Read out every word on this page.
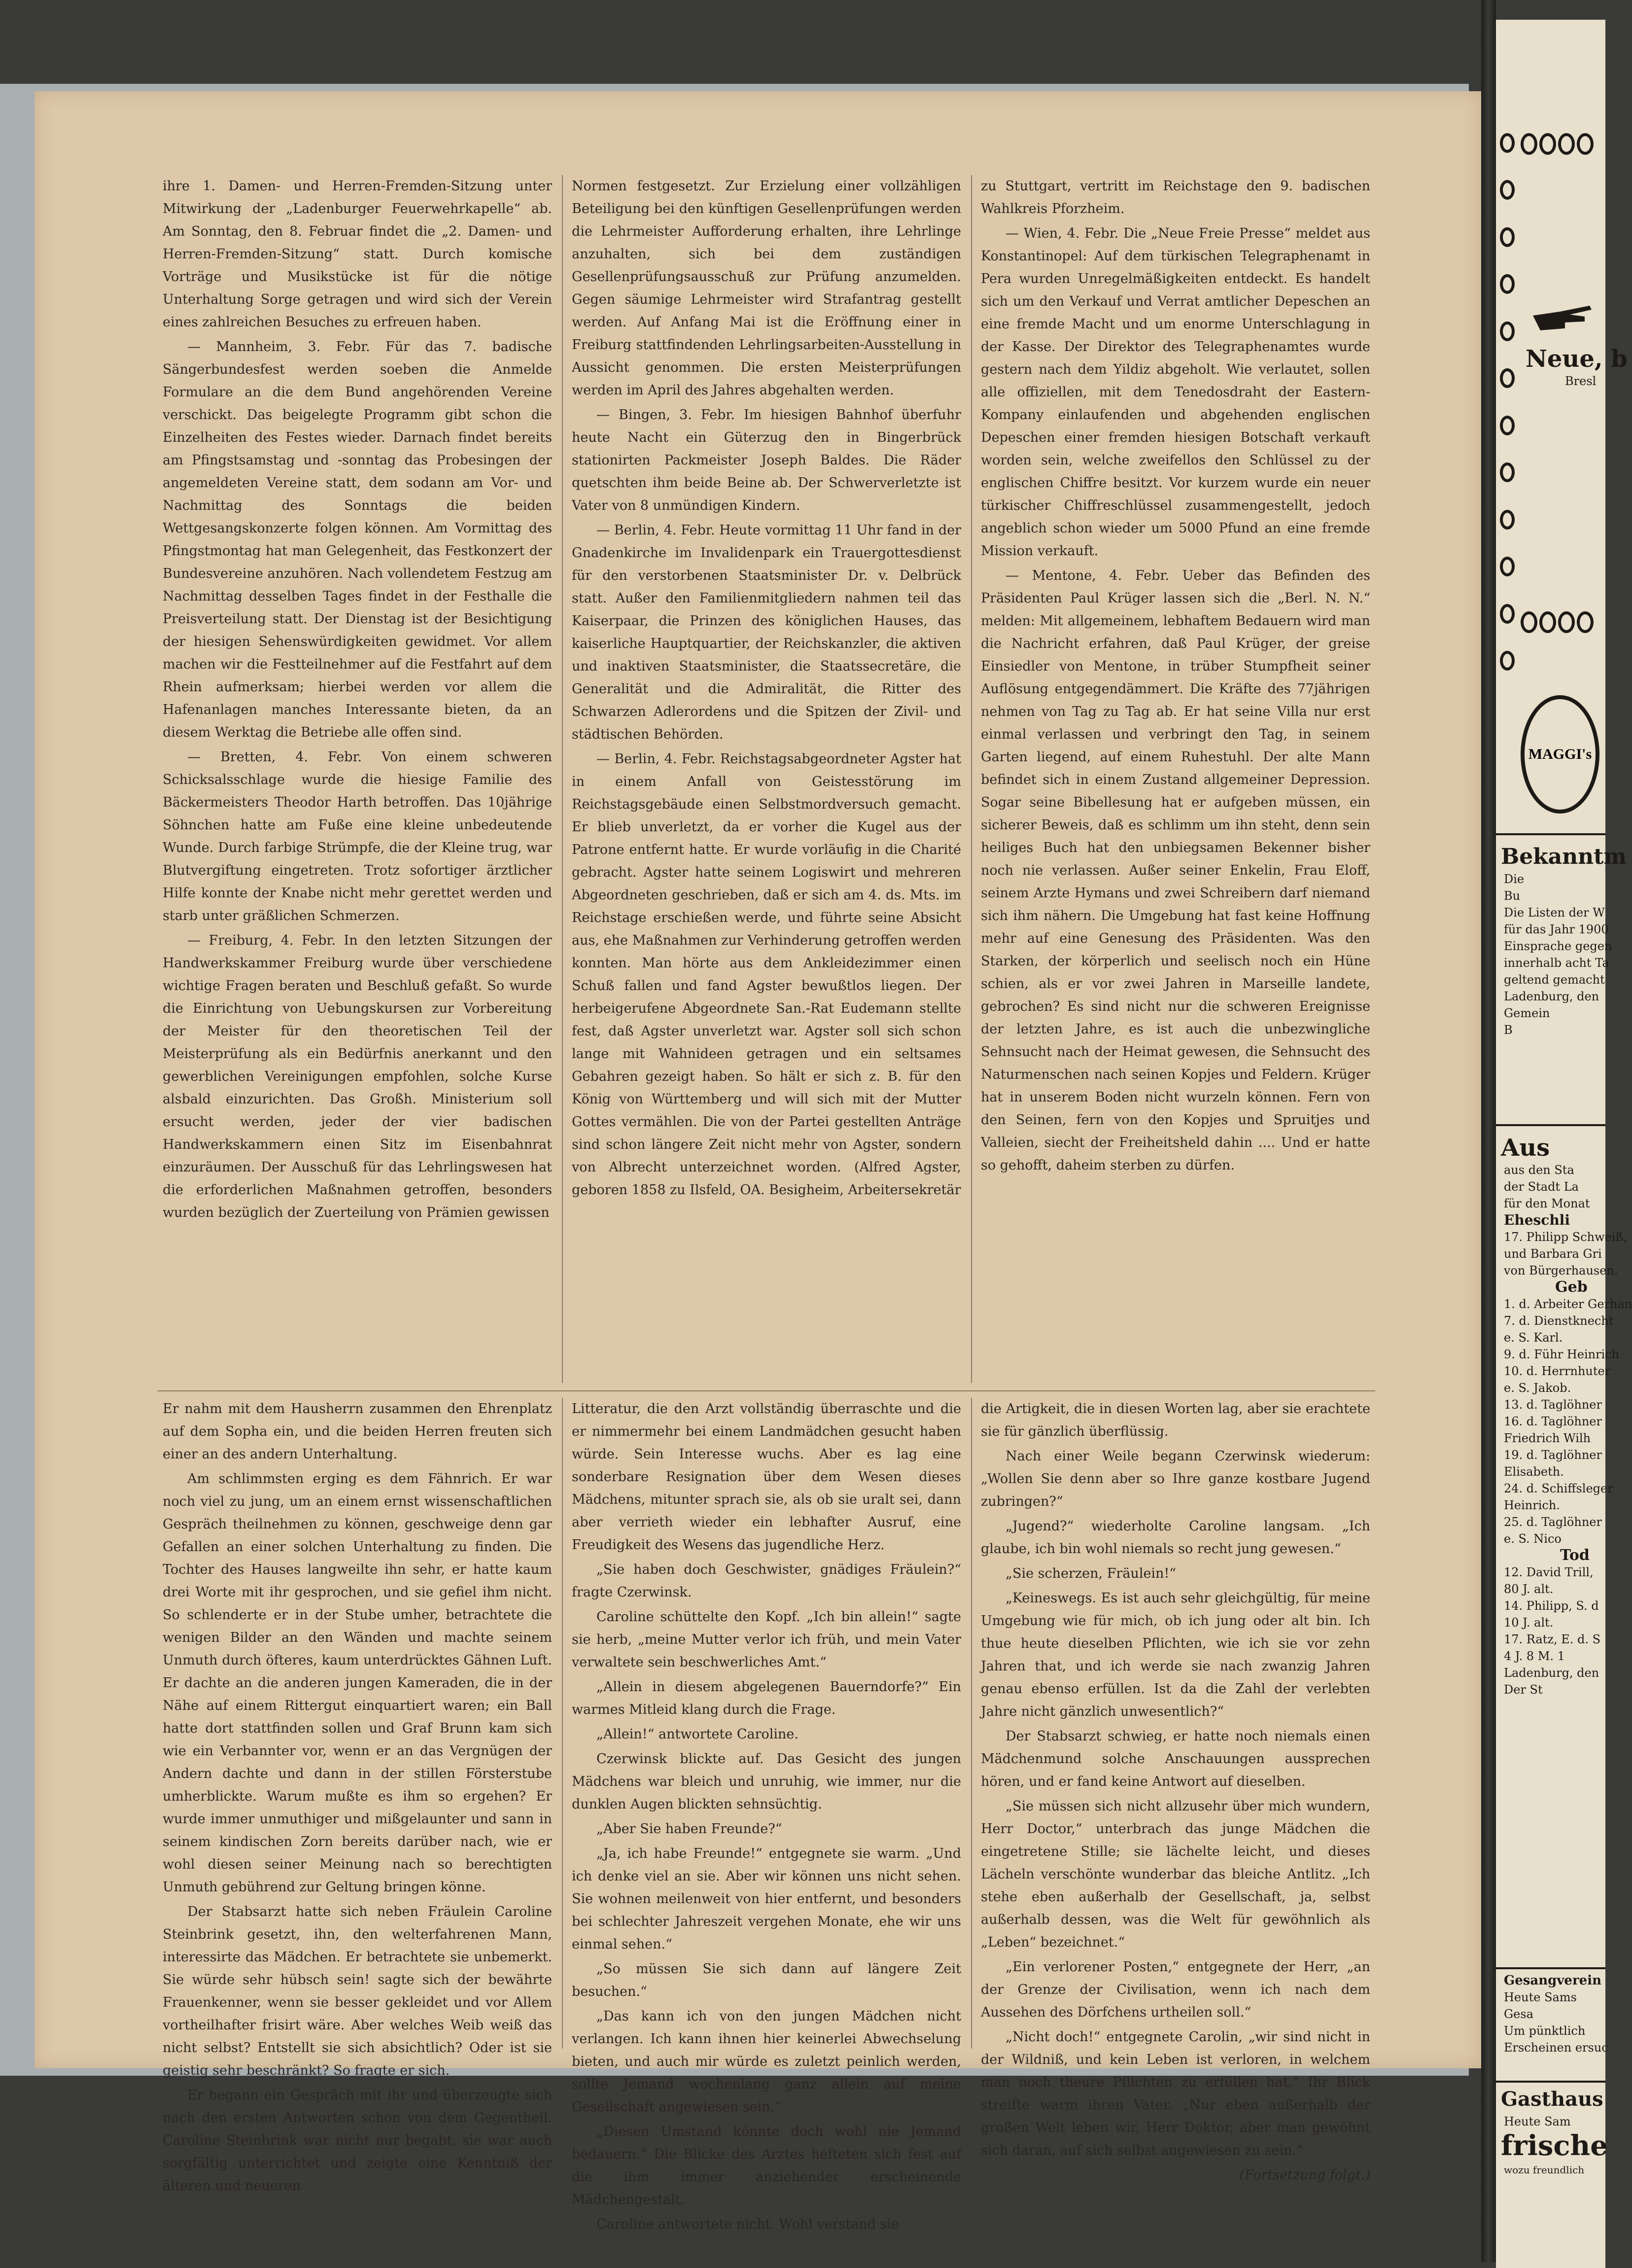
ihre 1. Damen- und Herren-Fremden-Sitzung unter Mitwirkung der „Ladenburger Feuerwehrkapelle“ ab. Am Sonntag, den 8. Februar findet die „2. Damen- und Herren-Fremden-Sitzung“ statt. Durch komische Vorträge und Musikstücke ist für die nötige Unterhaltung Sorge getragen und wird sich der Verein eines zahlreichen Besuches zu erfreuen haben.

— Mannheim, 3. Febr. Für das 7. badische Sängerbundesfest werden soeben die Anmelde Formulare an die dem Bund angehörenden Vereine verschickt. Das beigelegte Programm gibt schon die Einzelheiten des Festes wieder. Darnach findet bereits am Pfingstsamstag und -sonntag das Probesingen der angemeldeten Vereine statt, dem sodann am Vor- und Nachmittag des Sonntags die beiden Wettgesangskonzerte folgen können. Am Vormittag des Pfingstmontag hat man Gelegenheit, das Festkonzert der Bundesvereine anzuhören. Nach vollendetem Festzug am Nachmittag desselben Tages findet in der Festhalle die Preisverteilung statt. Der Dienstag ist der Besichtigung der hiesigen Sehenswürdigkeiten gewidmet. Vor allem machen wir die Festteilnehmer auf die Festfahrt auf dem Rhein aufmerksam; hierbei werden vor allem die Hafenanlagen manches Interessante bieten, da an diesem Werktag die Betriebe alle offen sind.

— Bretten, 4. Febr. Von einem schweren Schicksalsschlage wurde die hiesige Familie des Bäckermeisters Theodor Harth betroffen. Das 10jährige Söhnchen hatte am Fuße eine kleine unbedeutende Wunde. Durch farbige Strümpfe, die der Kleine trug, war Blutvergiftung eingetreten. Trotz sofortiger ärztlicher Hilfe konnte der Knabe nicht mehr gerettet werden und starb unter gräßlichen Schmerzen.

— Freiburg, 4. Febr. In den letzten Sitzungen der Handwerkskammer Freiburg wurde über verschiedene wichtige Fragen beraten und Beschluß gefaßt. So wurde die Einrichtung von Uebungskursen zur Vorbereitung der Meister für den theoretischen Teil der Meisterprüfung als ein Bedürfnis anerkannt und den gewerblichen Vereinigungen empfohlen, solche Kurse alsbald einzurichten. Das Großh. Ministerium soll ersucht werden, jeder der vier badischen Handwerkskammern einen Sitz im Eisenbahnrat einzuräumen. Der Ausschuß für das Lehrlingswesen hat die erforderlichen Maßnahmen getroffen, besonders wurden bezüglich der Zuerteilung von Prämien gewissen

Normen festgesetzt. Zur Erzielung einer vollzähligen Beteiligung bei den künftigen Gesellenprüfungen werden die Lehrmeister Aufforderung erhalten, ihre Lehrlinge anzuhalten, sich bei dem zuständigen Gesellenprüfungsausschuß zur Prüfung anzumelden. Gegen säumige Lehrmeister wird Strafantrag gestellt werden. Auf Anfang Mai ist die Eröffnung einer in Freiburg stattfindenden Lehrlingsarbeiten-Ausstellung in Aussicht genommen. Die ersten Meisterprüfungen werden im April des Jahres abgehalten werden.

— Bingen, 3. Febr. Im hiesigen Bahnhof überfuhr heute Nacht ein Güterzug den in Bingerbrück stationirten Packmeister Joseph Baldes. Die Räder quetschten ihm beide Beine ab. Der Schwerverletzte ist Vater von 8 unmündigen Kindern.

— Berlin, 4. Febr. Heute vormittag 11 Uhr fand in der Gnadenkirche im Invalidenpark ein Trauergottesdienst für den verstorbenen Staatsminister Dr. v. Delbrück statt. Außer den Familienmitgliedern nahmen teil das Kaiserpaar, die Prinzen des königlichen Hauses, das kaiserliche Hauptquartier, der Reichskanzler, die aktiven und inaktiven Staatsminister, die Staatssecretäre, die Generalität und die Admiralität, die Ritter des Schwarzen Adlerordens und die Spitzen der Zivil- und städtischen Behörden.

— Berlin, 4. Febr. Reichstagsabgeordneter Agster hat in einem Anfall von Geistesstörung im Reichstagsgebäude einen Selbstmordversuch gemacht. Er blieb unverletzt, da er vorher die Kugel aus der Patrone entfernt hatte. Er wurde vorläufig in die Charité gebracht. Agster hatte seinem Logiswirt und mehreren Abgeordneten geschrieben, daß er sich am 4. ds. Mts. im Reichstage erschießen werde, und führte seine Absicht aus, ehe Maßnahmen zur Verhinderung getroffen werden konnten. Man hörte aus dem Ankleidezimmer einen Schuß fallen und fand Agster bewußtlos liegen. Der herbeigerufene Abgeordnete San.-Rat Eudemann stellte fest, daß Agster unverletzt war. Agster soll sich schon lange mit Wahnideen getragen und ein seltsames Gebahren gezeigt haben. So hält er sich z. B. für den König von Württemberg und will sich mit der Mutter Gottes vermählen. Die von der Partei gestellten Anträge sind schon längere Zeit nicht mehr von Agster, sondern von Albrecht unterzeichnet worden. (Alfred Agster, geboren 1858 zu Ilsfeld, OA. Besigheim, Arbeitersekretär

zu Stuttgart, vertritt im Reichstage den 9. badischen Wahlkreis Pforzheim.

— Wien, 4. Febr. Die „Neue Freie Presse“ meldet aus Konstantinopel: Auf dem türkischen Telegraphenamt in Pera wurden Unregelmäßigkeiten entdeckt. Es handelt sich um den Verkauf und Verrat amtlicher Depeschen an eine fremde Macht und um enorme Unterschlagung in der Kasse. Der Direktor des Telegraphenamtes wurde gestern nach dem Yildiz abgeholt. Wie verlautet, sollen alle offiziellen, mit dem Tenedosdraht der Eastern-Kompany einlaufenden und abgehenden englischen Depeschen einer fremden hiesigen Botschaft verkauft worden sein, welche zweifellos den Schlüssel zu der englischen Chiffre besitzt. Vor kurzem wurde ein neuer türkischer Chiffreschlüssel zusammengestellt, jedoch angeblich schon wieder um 5000 Pfund an eine fremde Mission verkauft.

— Mentone, 4. Febr. Ueber das Befinden des Präsidenten Paul Krüger lassen sich die „Berl. N. N.“ melden: Mit allgemeinem, lebhaftem Bedauern wird man die Nachricht erfahren, daß Paul Krüger, der greise Einsiedler von Mentone, in trüber Stumpfheit seiner Auflösung entgegendämmert. Die Kräfte des 77jährigen nehmen von Tag zu Tag ab. Er hat seine Villa nur erst einmal verlassen und verbringt den Tag, in seinem Garten liegend, auf einem Ruhestuhl. Der alte Mann befindet sich in einem Zustand allgemeiner Depression. Sogar seine Bibellesung hat er aufgeben müssen, ein sicherer Beweis, daß es schlimm um ihn steht, denn sein heiliges Buch hat den unbiegsamen Bekenner bisher noch nie verlassen. Außer seiner Enkelin, Frau Eloff, seinem Arzte Hymans und zwei Schreibern darf niemand sich ihm nähern. Die Umgebung hat fast keine Hoffnung mehr auf eine Genesung des Präsidenten. Was den Starken, der körperlich und seelisch noch ein Hüne schien, als er vor zwei Jahren in Marseille landete, gebrochen? Es sind nicht nur die schweren Ereignisse der letzten Jahre, es ist auch die unbezwingliche Sehnsucht nach der Heimat gewesen, die Sehnsucht des Naturmenschen nach seinen Kopjes und Feldern. Krüger hat in unserem Boden nicht wurzeln können. Fern von den Seinen, fern von den Kopjes und Spruitjes und Valleien, siecht der Freiheitsheld dahin .... Und er hatte so gehofft, daheim sterben zu dürfen.

Er nahm mit dem Hausherrn zusammen den Ehrenplatz auf dem Sopha ein, und die beiden Herren freuten sich einer an des andern Unterhaltung.

Am schlimmsten erging es dem Fähnrich. Er war noch viel zu jung, um an einem ernst wissenschaftlichen Gespräch theilnehmen zu können, geschweige denn gar Gefallen an einer solchen Unterhaltung zu finden. Die Tochter des Hauses langweilte ihn sehr, er hatte kaum drei Worte mit ihr gesprochen, und sie gefiel ihm nicht. So schlenderte er in der Stube umher, betrachtete die wenigen Bilder an den Wänden und machte seinem Unmuth durch öfteres, kaum unterdrücktes Gähnen Luft. Er dachte an die anderen jungen Kameraden, die in der Nähe auf einem Rittergut einquartiert waren; ein Ball hatte dort stattfinden sollen und Graf Brunn kam sich wie ein Verbannter vor, wenn er an das Vergnügen der Andern dachte und dann in der stillen Försterstube umherblickte. Warum mußte es ihm so ergehen? Er wurde immer unmuthiger und mißgelaunter und sann in seinem kindischen Zorn bereits darüber nach, wie er wohl diesen seiner Meinung nach so berechtigten Unmuth gebührend zur Geltung bringen könne.

Der Stabsarzt hatte sich neben Fräulein Caroline Steinbrink gesetzt, ihn, den welterfahrenen Mann, interessirte das Mädchen. Er betrachtete sie unbemerkt. Sie würde sehr hübsch sein! sagte sich der bewährte Frauenkenner, wenn sie besser gekleidet und vor Allem vortheilhafter frisirt wäre. Aber welches Weib weiß das nicht selbst? Entstellt sie sich absichtlich? Oder ist sie geistig sehr beschränkt? So fragte er sich.

Er begann ein Gespräch mit ihr und überzeugte sich nach den ersten Antworten schon von dem Gegentheil. Caroline Steinbrink war nicht nur begabt, sie war auch sorgfältig unterrichtet und zeigte eine Kenntniß der älteren und neueren

Litteratur, die den Arzt vollständig überraschte und die er nimmermehr bei einem Landmädchen gesucht haben würde. Sein Interesse wuchs. Aber es lag eine sonderbare Resignation über dem Wesen dieses Mädchens, mitunter sprach sie, als ob sie uralt sei, dann aber verrieth wieder ein lebhafter Ausruf, eine Freudigkeit des Wesens das jugendliche Herz.

„Sie haben doch Geschwister, gnädiges Fräulein?“ fragte Czerwinsk.

Caroline schüttelte den Kopf. „Ich bin allein!“ sagte sie herb, „meine Mutter verlor ich früh, und mein Vater verwaltete sein beschwerliches Amt.“

„Allein in diesem abgelegenen Bauerndorfe?“ Ein warmes Mitleid klang durch die Frage.

„Allein!“ antwortete Caroline.

Czerwinsk blickte auf. Das Gesicht des jungen Mädchens war bleich und unruhig, wie immer, nur die dunklen Augen blickten sehnsüchtig.

„Aber Sie haben Freunde?“

„Ja, ich habe Freunde!“ entgegnete sie warm. „Und ich denke viel an sie. Aber wir können uns nicht sehen. Sie wohnen meilenweit von hier entfernt, und besonders bei schlechter Jahreszeit vergehen Monate, ehe wir uns einmal sehen.“

„So müssen Sie sich dann auf längere Zeit besuchen.“

„Das kann ich von den jungen Mädchen nicht verlangen. Ich kann ihnen hier keinerlei Abwechselung bieten, und auch mir würde es zuletzt peinlich werden, sollte Jemand wochenlang ganz allein auf meine Gesellschaft angewiesen sein.“

„Diesen Umstand könnte doch wohl nie Jemand bedauern.“ Die Blicke des Arztes hefteten sich fest auf die ihm immer anziehender erscheinende Mädchengestalt.

Caroline antwortete nicht. Wohl verstand sie

die Artigkeit, die in diesen Worten lag, aber sie erachtete sie für gänzlich überflüssig.

Nach einer Weile begann Czerwinsk wiederum: „Wollen Sie denn aber so Ihre ganze kostbare Jugend zubringen?“

„Jugend?“ wiederholte Caroline langsam. „Ich glaube, ich bin wohl niemals so recht jung gewesen.“

„Sie scherzen, Fräulein!“

„Keineswegs. Es ist auch sehr gleichgültig, für meine Umgebung wie für mich, ob ich jung oder alt bin. Ich thue heute dieselben Pflichten, wie ich sie vor zehn Jahren that, und ich werde sie nach zwanzig Jahren genau ebenso erfüllen. Ist da die Zahl der verlebten Jahre nicht gänzlich unwesentlich?“

Der Stabsarzt schwieg, er hatte noch niemals einen Mädchenmund solche Anschauungen aussprechen hören, und er fand keine Antwort auf dieselben.

„Sie müssen sich nicht allzusehr über mich wundern, Herr Doctor,“ unterbrach das junge Mädchen die eingetretene Stille; sie lächelte leicht, und dieses Lächeln verschönte wunderbar das bleiche Antlitz. „Ich stehe eben außerhalb der Gesellschaft, ja, selbst außerhalb dessen, was die Welt für gewöhnlich als „Leben“ bezeichnet.“

„Ein verlorener Posten,“ entgegnete der Herr, „an der Grenze der Civilisation, wenn ich nach dem Aussehen des Dörfchens urtheilen soll.“

„Nicht doch!“ entgegnete Carolin, „wir sind nicht in der Wildniß, und kein Leben ist verloren, in welchem man noch theure Pflichten zu erfüllen hat.“ Ihr Blick streifte warm ihren Vater. „Nur eben außerhalb der großen Welt leben wir, Herr Doktor, aber man gewöhnt sich daran, auf sich selbst angewiesen zu sein.“

(Fortsetzung folgt.)

Neue, b
Bresl
MAGGI's
Bekanntm
Die
Bu
Die Listen der W
für das Jahr 1900
Einsprache gegen
innerhalb acht Ta
geltend gemacht
Ladenburg, den
Gemein
B
Aus
aus den Sta
der Stadt La
für den Monat
Eheschli
17. Philipp Schweiß,
und Barbara Gri
von Bürgerhausen.
Geb
1. d. Arbeiter Gerhan
7. d. Dienstknecht
e. S. Karl.
9. d. Führ Heinrich
10. d. Herrnhuter
e. S. Jakob.
13. d. Taglöhner
16. d. Taglöhner
Friedrich Wilh
19. d. Taglöhner
Elisabeth.
24. d. Schiffsleger
Heinrich.
25. d. Taglöhner
e. S. Nico
Tod
12. David Trill,
80 J. alt.
14. Philipp, S. d
10 J. alt.
17. Ratz, E. d. S
4 J. 8 M. 1
Ladenburg, den
Der St
Gesangverein
Heute Sams
Gesa
Um pünktlich
Erscheinen ersuc
Gasthaus
Heute Sam
frische
wozu freundlich
